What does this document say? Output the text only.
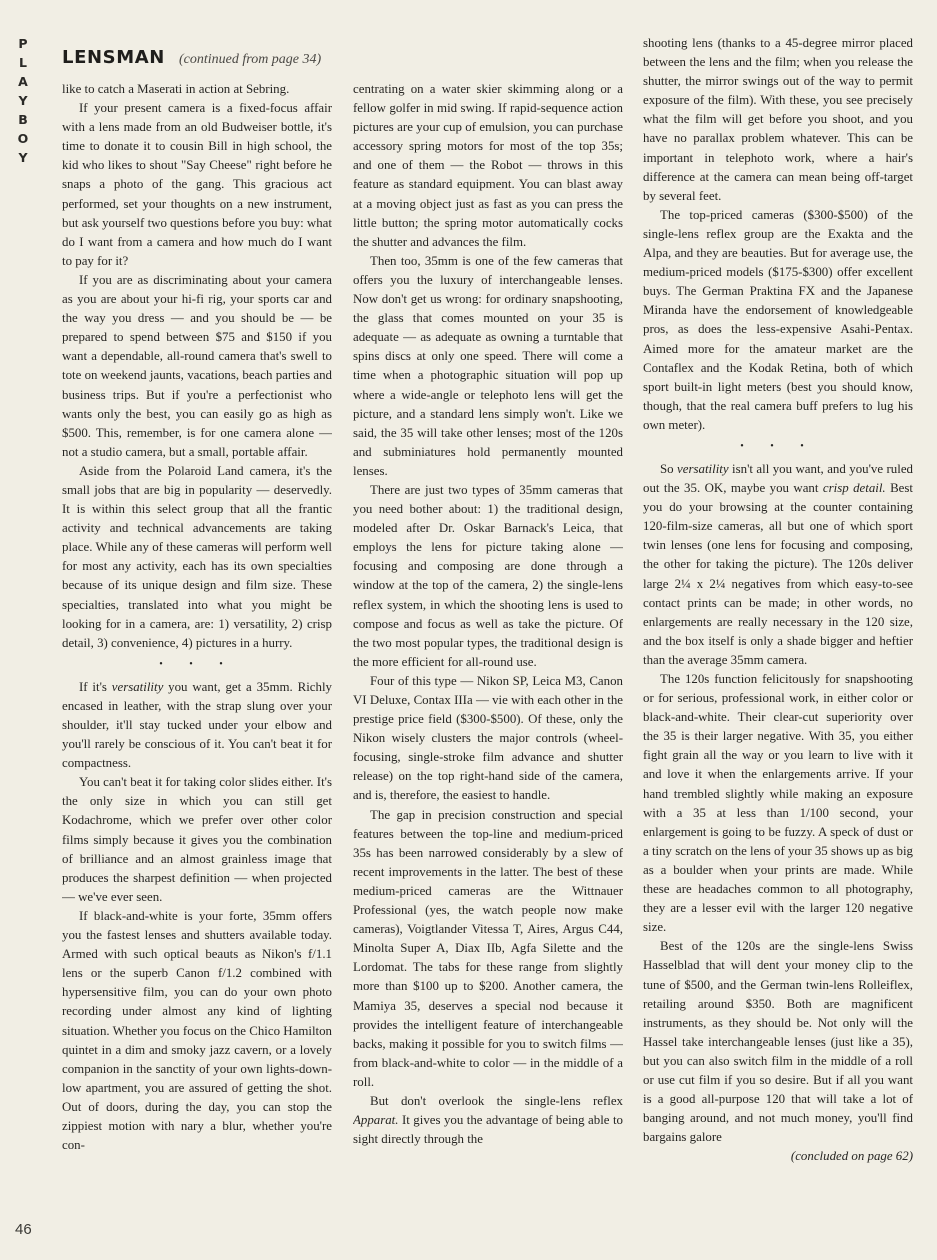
P
L
A
Y
B
O
Y
46
LENSMAN (continued from page 34)

like to catch a Maserati in action at Sebring.

If your present camera is a fixed-focus affair with a lens made from an old Budweiser bottle, it's time to donate it to cousin Bill in high school, the kid who likes to shout "Say Cheese" right before he snaps a photo of the gang. This gracious act performed, set your thoughts on a new instrument, but ask yourself two questions before you buy: what do I want from a camera and how much do I want to pay for it?

If you are as discriminating about your camera as you are about your hi-fi rig, your sports car and the way you dress — and you should be — be prepared to spend between $75 and $150 if you want a dependable, all-round camera that's swell to tote on weekend jaunts, vacations, beach parties and business trips. But if you're a perfectionist who wants only the best, you can easily go as high as $500. This, remember, is for one camera alone — not a studio camera, but a small, portable affair.

Aside from the Polaroid Land camera, it's the small jobs that are big in popularity — deservedly. It is within this select group that all the frantic activity and technical advancements are taking place. While any of these cameras will perform well for most any activity, each has its own specialties because of its unique design and film size. These specialties, translated into what you might be looking for in a camera, are: 1) versatility, 2) crisp detail, 3) convenience, 4) pictures in a hurry.

• • •

If it's versatility you want, get a 35mm. Richly encased in leather, with the strap slung over your shoulder, it'll stay tucked under your elbow and you'll rarely be conscious of it. You can't beat it for compactness.

You can't beat it for taking color slides either. It's the only size in which you can still get Kodachrome, which we prefer over other color films simply because it gives you the combination of brilliance and an almost grainless image that produces the sharpest definition — when projected — we've ever seen.

If black-and-white is your forte, 35mm offers you the fastest lenses and shutters available today. Armed with such optical beauts as Nikon's f/1.1 lens or the superb Canon f/1.2 combined with hypersensitive film, you can do your own photo recording under almost any kind of lighting situation. Whether you focus on the Chico Hamilton quintet in a dim and smoky jazz cavern, or a lovely companion in the sanctity of your own lights-down-low apartment, you are assured of getting the shot. Out of doors, during the day, you can stop the zippiest motion with nary a blur, whether you're con-

centrating on a water skier skimming along or a fellow golfer in mid swing. If rapid-sequence action pictures are your cup of emulsion, you can purchase accessory spring motors for most of the top 35s; and one of them — the Robot — throws in this feature as standard equipment. You can blast away at a moving object just as fast as you can press the little button; the spring motor automatically cocks the shutter and advances the film.

Then too, 35mm is one of the few cameras that offers you the luxury of interchangeable lenses. Now don't get us wrong: for ordinary snapshooting, the glass that comes mounted on your 35 is adequate — as adequate as owning a turntable that spins discs at only one speed. There will come a time when a photographic situation will pop up where a wide-angle or telephoto lens will get the picture, and a standard lens simply won't. Like we said, the 35 will take other lenses; most of the 120s and subminiatures hold permanently mounted lenses.

There are just two types of 35mm cameras that you need bother about: 1) the traditional design, modeled after Dr. Oskar Barnack's Leica, that employs the lens for picture taking alone — focusing and composing are done through a window at the top of the camera, 2) the single-lens reflex system, in which the shooting lens is used to compose and focus as well as take the picture. Of the two most popular types, the traditional design is the more efficient for all-round use.

Four of this type — Nikon SP, Leica M3, Canon VI Deluxe, Contax IIIa — vie with each other in the prestige price field ($300-$500). Of these, only the Nikon wisely clusters the major controls (wheel-focusing, single-stroke film advance and shutter release) on the top right-hand side of the camera, and is, therefore, the easiest to handle.

The gap in precision construction and special features between the top-line and medium-priced 35s has been narrowed considerably by a slew of recent improvements in the latter. The best of these medium-priced cameras are the Wittnauer Professional (yes, the watch people now make cameras), Voigtlander Vitessa T, Aires, Argus C44, Minolta Super A, Diax IIb, Agfa Silette and the Lordomat. The tabs for these range from slightly more than $100 up to $200. Another camera, the Mamiya 35, deserves a special nod because it provides the intelligent feature of interchangeable backs, making it possible for you to switch films — from black-and-white to color — in the middle of a roll.

But don't overlook the single-lens reflex Apparat. It gives you the advantage of being able to sight directly through the

shooting lens (thanks to a 45-degree mirror placed between the lens and the film; when you release the shutter, the mirror swings out of the way to permit exposure of the film). With these, you see precisely what the film will get before you shoot, and you have no parallax problem whatever. This can be important in telephoto work, where a hair's difference at the camera can mean being off-target by several feet.

The top-priced cameras ($300-$500) of the single-lens reflex group are the Exakta and the Alpa, and they are beauties. But for average use, the medium-priced models ($175-$300) offer excellent buys. The German Praktina FX and the Japanese Miranda have the endorsement of knowledgeable pros, as does the less-expensive Asahi-Pentax. Aimed more for the amateur market are the Contaflex and the Kodak Retina, both of which sport built-in light meters (best you should know, though, that the real camera buff prefers to lug his own meter).

• • •

So versatility isn't all you want, and you've ruled out the 35. OK, maybe you want crisp detail. Best you do your browsing at the counter containing 120-film-size cameras, all but one of which sport twin lenses (one lens for focusing and composing, the other for taking the picture). The 120s deliver large 2¼ x 2¼ negatives from which easy-to-see contact prints can be made; in other words, no enlargements are really necessary in the 120 size, and the box itself is only a shade bigger and heftier than the average 35mm camera.

The 120s function felicitously for snapshooting or for serious, professional work, in either color or black-and-white. Their clear-cut superiority over the 35 is their larger negative. With 35, you either fight grain all the way or you learn to live with it and love it when the enlargements arrive. If your hand trembled slightly while making an exposure with a 35 at less than 1/100 second, your enlargement is going to be fuzzy. A speck of dust or a tiny scratch on the lens of your 35 shows up as big as a boulder when your prints are made. While these are headaches common to all photography, they are a lesser evil with the larger 120 negative size.

Best of the 120s are the single-lens Swiss Hasselblad that will dent your money clip to the tune of $500, and the German twin-lens Rolleiflex, retailing around $350. Both are magnificent instruments, as they should be. Not only will the Hassel take interchangeable lenses (just like a 35), but you can also switch film in the middle of a roll or use cut film if you so desire. But if all you want is a good all-purpose 120 that will take a lot of banging around, and not much money, you'll find bargains galore

(concluded on page 62)
